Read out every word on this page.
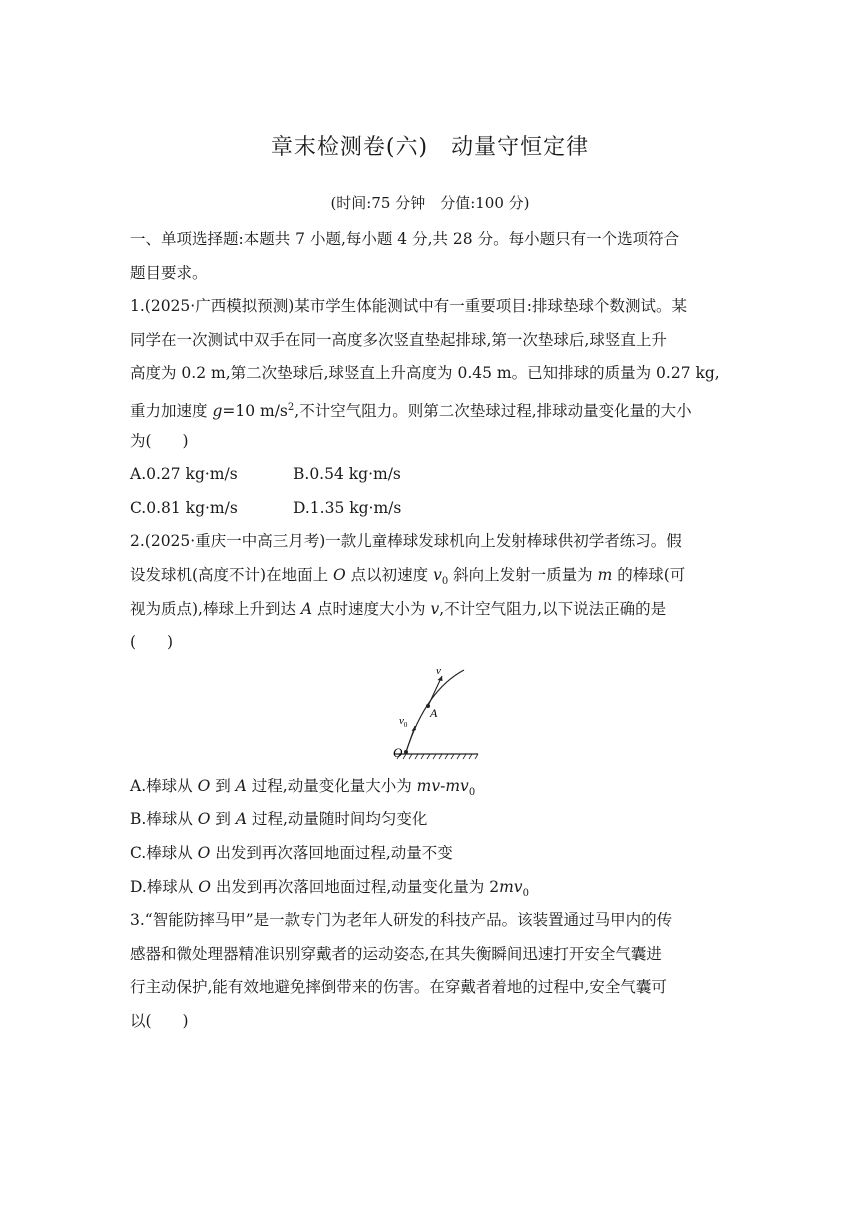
章末检测卷(六)　动量守恒定律
(时间:75 分钟　分值:100 分)
一、单项选择题:本题共 7 小题,每小题 4 分,共 28 分。每小题只有一个选项符合
题目要求。
1.(2025·广西模拟预测)某市学生体能测试中有一重要项目:排球垫球个数测试。某
同学在一次测试中双手在同一高度多次竖直垫起排球,第一次垫球后,球竖直上升
高度为 0.2 m,第二次垫球后,球竖直上升高度为 0.45 m。已知排球的质量为 0.27 kg,
重力加速度 g=10 $m/s^2$,不计空气阻力。则第二次垫球过程,排球动量变化量的大小
为(　　)
A.0.27 kg·m/s	B.0.54 kg·m/s
C.0.81 kg·m/s	D.1.35 kg·m/s
2.(2025·重庆一中高三月考)一款儿童棒球发球机向上发射棒球供初学者练习。假
设发球机(高度不计)在地面上 O 点以初速度 $v_0$ 斜向上发射一质量为 m 的棒球(可
视为质点),棒球上升到达 A 点时速度大小为 v,不计空气阻力,以下说法正确的是
(　　)
v
$v_0$
A
O
A.棒球从 O 到 A 过程,动量变化量大小为 $mv-mv_0$
B.棒球从 O 到 A 过程,动量随时间均匀变化
C.棒球从 O 出发到再次落回地面过程,动量不变
D.棒球从 O 出发到再次落回地面过程,动量变化量为 $2mv_0$
3.“智能防摔马甲”是一款专门为老年人研发的科技产品。该装置通过马甲内的传
感器和微处理器精准识别穿戴者的运动姿态,在其失衡瞬间迅速打开安全气囊进
行主动保护,能有效地避免摔倒带来的伤害。在穿戴者着地的过程中,安全气囊可
以(　　)
